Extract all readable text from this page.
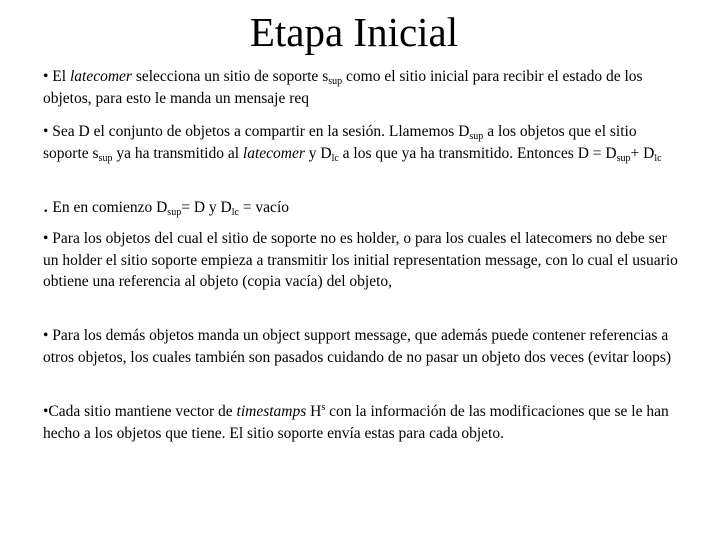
Etapa Inicial

• El latecomer selecciona un sitio de soporte $s_{sup}$ como el sitio inicial para recibir el estado de los objetos, para esto le manda un mensaje req

• Sea D el conjunto de objetos a compartir en la sesión. Llamemos $D_{sup}$ a los objetos que el sitio soporte $s_{sup}$ ya ha transmitido al latecomer y $D_{lc}$ a los que ya ha transmitido. Entonces $D = D_{sup}+ D_{lc}$

. En en comienzo $D_{sup}= D$ y $D_{lc}$ = vacío

• Para los objetos del cual el sitio de soporte no es holder, o para los cuales el latecomers no debe ser un holder el sitio soporte empieza a transmitir los initial representation message, con lo cual el usuario obtiene una referencia al objeto (copia vacía) del objeto,

• Para los demás objetos manda un object support message, que además puede contener referencias a otros objetos, los cuales también son pasados cuidando de no pasar un objeto dos veces (evitar loops)

•Cada sitio mantiene vector de timestamps $H^s$ con la información de las modificaciones que se le han hecho a los objetos que tiene. El sitio soporte envía estas para cada objeto.
